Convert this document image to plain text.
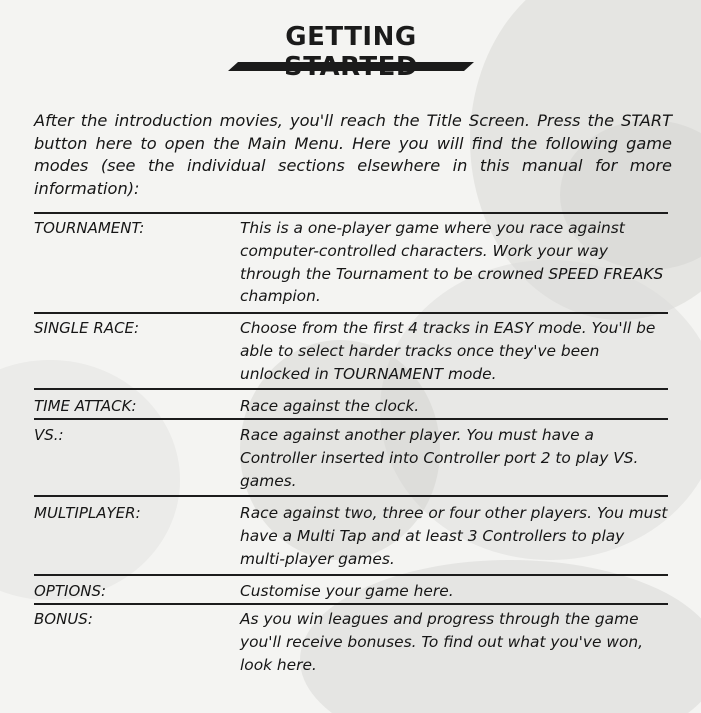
GETTING

After the introduction movies, you'll reach the Title Screen. Press the START button here to open the Main Menu. Here you will find the following game modes (see the individual sections elsewhere in this manual for more information):

TOURNAMENT:	This is a one-player game where you race against computer-controlled characters. Work your way through the Tournament to be crowned SPEED FREAKS champion.
SINGLE RACE:	Choose from the first 4 tracks in EASY mode. You'll be able to select harder tracks once they've been unlocked in TOURNAMENT mode.
TIME ATTACK:	Race against the clock.
VS.:	Race against another player. You must have a Controller inserted into Controller port 2 to play VS. games.
MULTIPLAYER:	Race against two, three or four other players. You must have a Multi Tap and at least 3 Controllers to play multi-player games.
OPTIONS:	Customise your game here.
BONUS:	As you win leagues and progress through the game you'll receive bonuses. To find out what you've won, look here.
